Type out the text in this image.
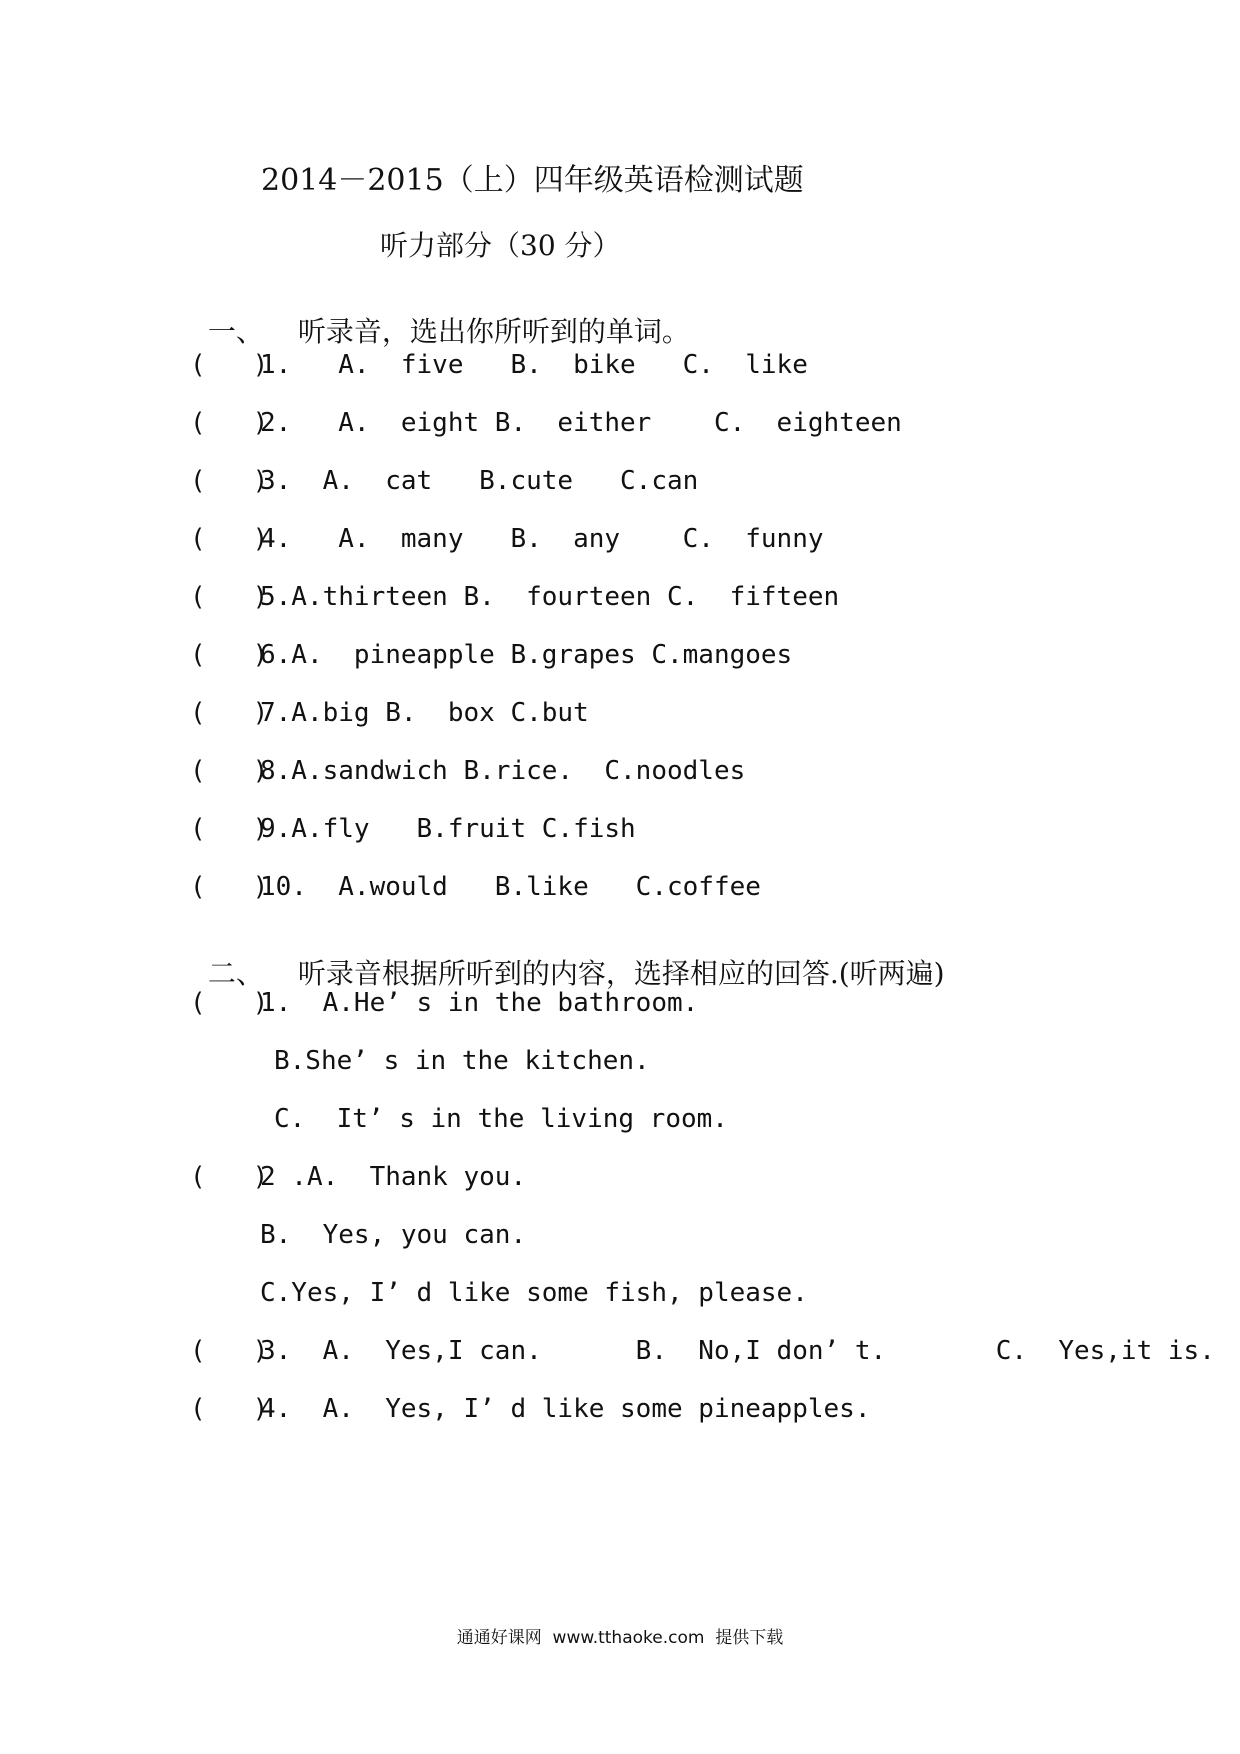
2014－2015（上）四年级英语检测试题
听力部分（30 分）

一、 听录音，选出你所听到的单词。

(   )1.   A.  five   B.  bike   C.  like
(   )2.   A.  eight B.  either    C.  eighteen
(   )3.  A.  cat   B.cute   C.can
(   )4.   A.  many   B.  any    C.  funny
(   )5.A.thirteen B.  fourteen C.  fifteen
(   )6.A.  pineapple B.grapes C.mangoes
(   )7.A.big B.  box C.but
(   )8.A.sandwich B.rice.  C.noodles
(   )9.A.fly   B.fruit C.fish
(   )10.  A.would   B.like   C.coffee

二、 听录音根据所听到的内容，选择相应的回答.(听两遍)

(   )1.  A.He’ s in the bathroom.
B.She’ s in the kitchen.
C.  It’ s in the living room.
(   )2 .A.  Thank you.
B.  Yes, you can.
C.Yes, I’ d like some fish, please.
(   )3.  A.  Yes,I can.      B.  No,I don’ t.       C.  Yes,it is.
(   )4.  A.  Yes, I’ d like some pineapples.
通通好课网  www.tthaoke.com  提供下载
